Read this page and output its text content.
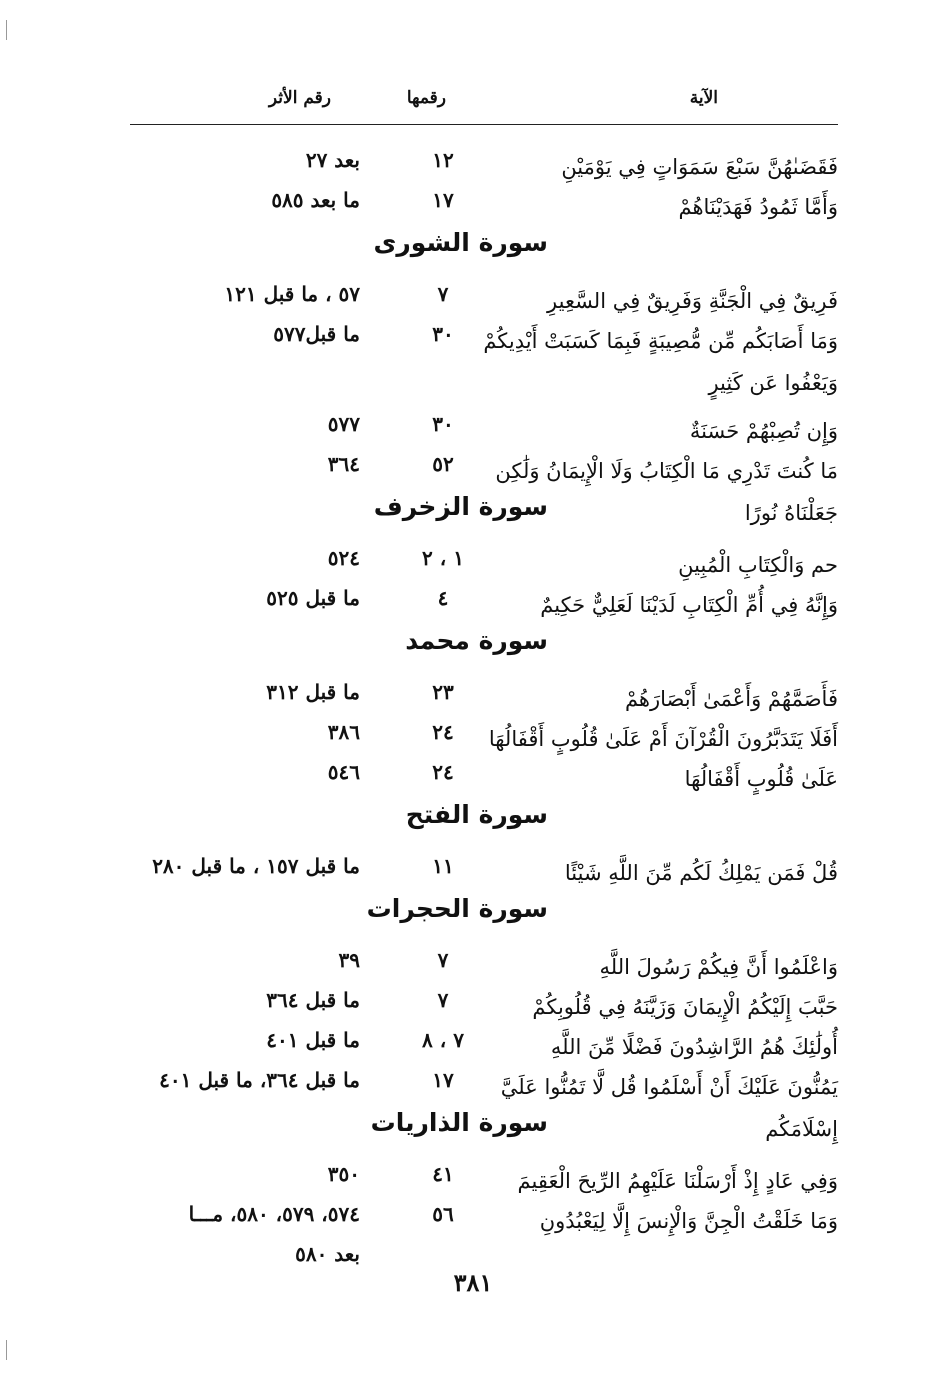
الآية
رقمها
رقم الأثر
فَقَضَىٰهُنَّ سَبْعَ سَمَوَاتٍ فِي يَوْمَيْنِ
١٢
بعد ٢٧
وَأَمَّا ثَمُودُ فَهَدَيْنَاهُمْ
١٧
ما بعد ٥٨٥
سورة الشورى
فَرِيقٌ فِي الْجَنَّةِ وَفَرِيقٌ فِي السَّعِيرِ
٧
٥٧ ، ما قبل ١٢١
وَمَا أَصَابَكُم مِّن مُّصِيبَةٍ فَبِمَا كَسَبَتْ أَيْدِيكُمْ وَيَعْفُوا عَن كَثِيرٍ
٣٠
ما قبل٥٧٧
وَإِن تُصِبْهُمْ حَسَنَةٌ
٣٠
٥٧٧
مَا كُنتَ تَدْرِي مَا الْكِتَابُ وَلَا الْإِيمَانُ وَلَٰكِن جَعَلْنَاهُ نُورًا
٥٢
٣٦٤
سورة الزخرف
حم وَالْكِتَابِ الْمُبِينِ
١ ، ٢
٥٢٤
وَإِنَّهُ فِي أُمِّ الْكِتَابِ لَدَيْنَا لَعَلِيٌّ حَكِيمٌ
٤
ما قبل ٥٢٥
سورة محمد
فَأَصَمَّهُمْ وَأَعْمَىٰ أَبْصَارَهُمْ
٢٣
ما قبل ٣١٢
أَفَلَا يَتَدَبَّرُونَ الْقُرْآنَ أَمْ عَلَىٰ قُلُوبٍ أَقْفَالُهَا
٢٤
٣٨٦
عَلَىٰ قُلُوبٍ أَقْفَالُهَا
٢٤
٥٤٦
سورة الفتح
قُلْ فَمَن يَمْلِكُ لَكُم مِّنَ اللَّهِ شَيْئًا
١١
ما قبل ١٥٧ ، ما قبل ٢٨٠
سورة الحجرات
وَاعْلَمُوا أَنَّ فِيكُمْ رَسُولَ اللَّهِ
٧
٣٩
حَبَّبَ إِلَيْكُمُ الْإِيمَانَ وَزَيَّنَهُ فِي قُلُوبِكُمْ
٧
ما قبل ٣٦٤
أُولَٰئِكَ هُمُ الرَّاشِدُونَ فَضْلًا مِّنَ اللَّهِ
٧ ، ٨
ما قبل ٤٠١
يَمُنُّونَ عَلَيْكَ أَنْ أَسْلَمُوا قُل لَّا تَمُنُّوا عَلَيَّ إِسْلَامَكُم
١٧
ما قبل ٣٦٤، ما قبل ٤٠١
سورة الذاريات
وَفِي عَادٍ إِذْ أَرْسَلْنَا عَلَيْهِمُ الرِّيحَ الْعَقِيمَ
٤١
٣٥٠
وَمَا خَلَقْتُ الْجِنَّ وَالْإِنسَ إِلَّا لِيَعْبُدُونِ
٥٦
٥٧٤، ٥٧٩، ٥٨٠، مـــا
بعد ٥٨٠
٣٨١
